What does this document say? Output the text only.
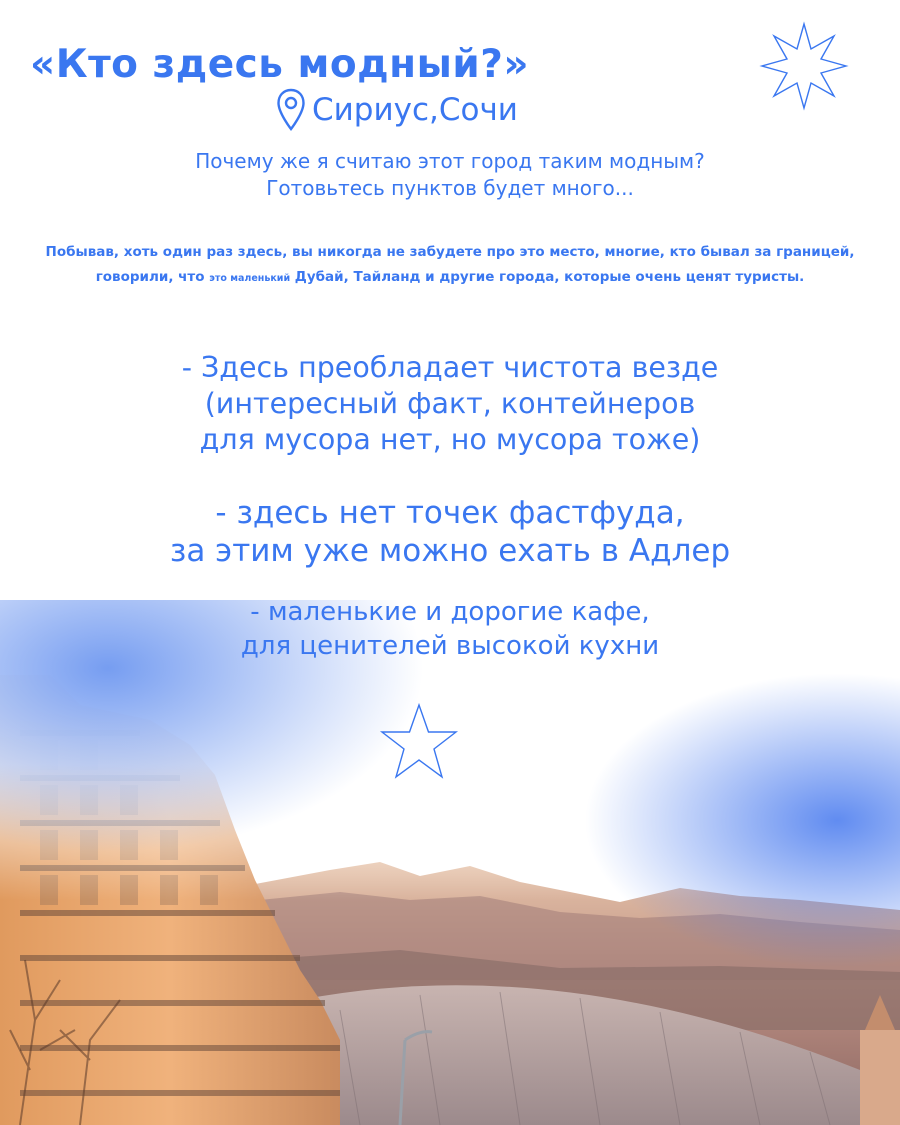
«Кто здесь модный?»
Сириус,Сочи
Почему же я считаю этот город таким модным?
Готовьтесь пунктов будет много...
Побывав, хоть один раз здесь, вы никогда не забудете про это место, многие, кто бывал за границей, говорили, что это маленький Дубай, Тайланд и другие города, которые очень ценят туристы.
- Здесь преобладает чистота везде
(интересный факт, контейнеров
для мусора нет, но мусора тоже)
- здесь нет точек фастфуда,
за этим уже можно ехать в Адлер
- маленькие и дорогие кафе,
для ценителей высокой кухни
